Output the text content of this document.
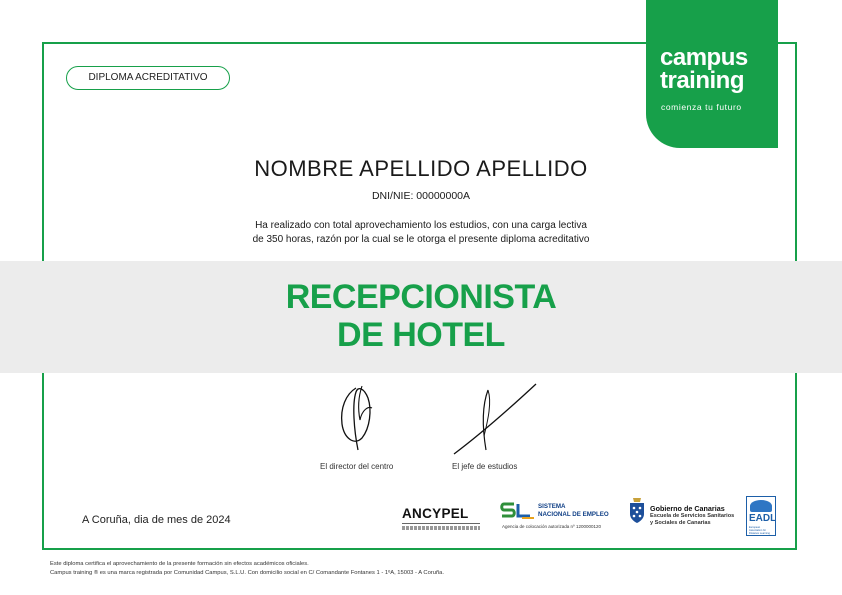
campus
training
comienza tu futuro
DIPLOMA ACREDITATIVO
NOMBRE APELLIDO APELLIDO
DNI/NIE: 00000000A
Ha realizado con total aprovechamiento los estudios, con una carga lectiva
de 350 horas, razón por la cual se le otorga el presente diploma acreditativo
RECEPCIONISTA
DE HOTEL
El director del centro	El jefe de estudios
A Coruña, dia de mes de 2024	ANCYPEL	SISTEMA
NACIONAL DE EMPLEO
Agencia de colocación autorizada nº 1200000120
Gobierno de Canarias
Escuela de Servicios Sanitarios
y Sociales de Canarias	EADL
European Association for Distance Learning
Este diploma certifica el aprovechamiento de la presente formación sin efectos académicos oficiales.
Campus training ® es una marca registrada por Comunidad Campus, S.L.U. Con domicilio social en C/ Comandante Fontanes 1 - 1ºA, 15003 - A Coruña.
